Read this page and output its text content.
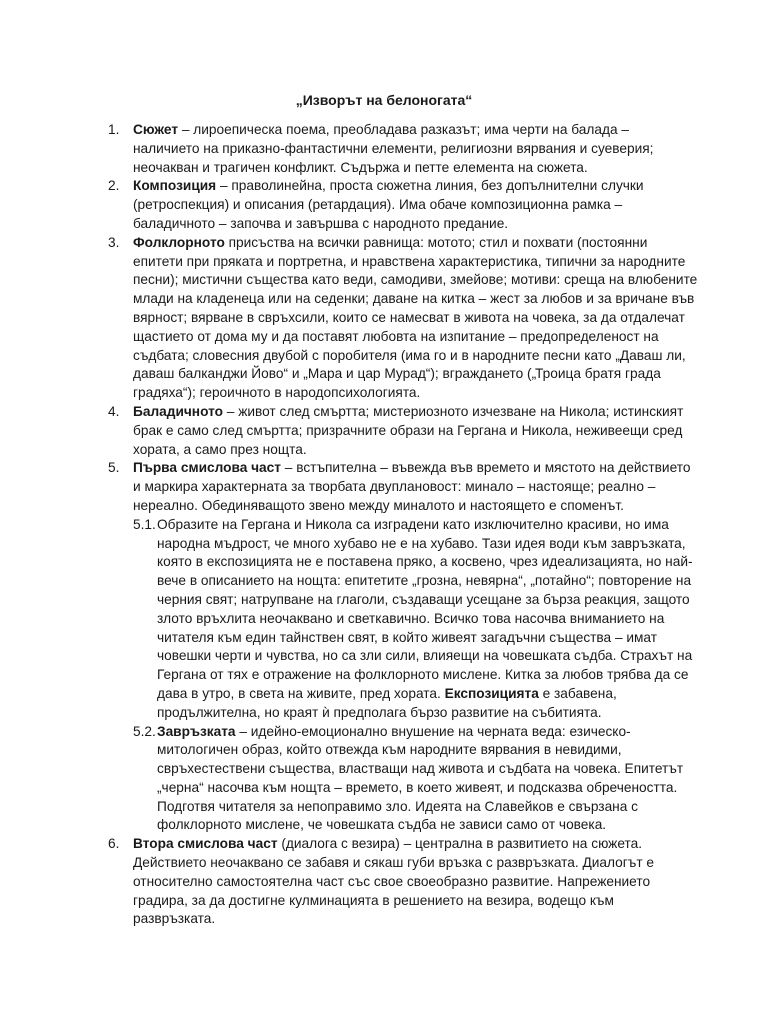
„Изворът на белоногата“
1. Сюжет – лироепическа поема, преобладава разказът; има черти на балада – наличието на приказно-фантастични елементи, религиозни вярвания и суеверия; неочакван и трагичен конфликт. Съдържа и петте елемента на сюжета.
2. Композиция – праволинейна, проста сюжетна линия, без допълнителни случки (ретроспекция) и описания (ретардация). Има обаче композиционна рамка – баладичното – започва и завършва с народното предание.
3. Фолклорното присъства на всички равнища: мотото; стил и похвати (постоянни епитети при пряката и портретна, и нравствена характеристика, типични за народните песни); мистични същества като веди, самодиви, змейове; мотиви: среща на влюбените млади на кладенеца или на седенки; даване на китка – жест за любов и за вричане във вярност; вярване в свръхсили, които се намесват в живота на човека, за да отдалечат щастието от дома му и да поставят любовта на изпитание – предопределеност на съдбата; словесния двубой с поробителя (има го и в народните песни като „Даваш ли, даваш балканджи Йово“ и „Мара и цар Мурад“); вграждането („Троица братя града градяха“); героичното в народопсихологията.
4. Баладичното – живот след смъртта; мистериозното изчезване на Никола; истинският брак е само след смъртта; призрачните образи на Гергана и Никола, неживеещи сред хората, а само през нощта.
5. Първа смислова част – встъпителна – въвежда във времето и мястото на действието и маркира характерната за творбата двуплановост: минало – настояще; реално – нереално. Обединяващото звено между миналото и настоящето е споменът.
5.1. Образите на Гергана и Никола са изградени като изключително красиви, но има народна мъдрост, че много хубаво не е на хубаво. Тази идея води към завръзката, която в експозицията не е поставена пряко, а косвено, чрез идеализацията, но най-вече в описанието на нощта: епитетите „грозна, невярна“, „потайно“; повторение на черния свят; натрупване на глаголи, създаващи усещане за бърза реакция, защото злото връхлита неочаквано и светкавично. Всичко това насочва вниманието на читателя към един тайнствен свят, в който живеят загадъчни същества – имат човешки черти и чувства, но са зли сили, влияещи на човешката съдба. Страхът на Гергана от тях е отражение на фолклорното мислене. Китка за любов трябва да се дава в утро, в света на живите, пред хората. Експозицията е забавена, продължителна, но краят ѝ предполага бързо развитие на събитията.
5.2. Завръзката – идейно-емоционално внушение на черната веда: езическо-митологичен образ, който отвежда към народните вярвания в невидими, свръхестествени същества, властващи над живота и съдбата на човека. Епитетът „черна“ насочва към нощта – времето, в което живеят, и подсказва обречеността. Подготвя читателя за непоправимо зло. Идеята на Славейков е свързана с фолклорното мислене, че човешката съдба не зависи само от човека.
6. Втора смислова част (диалога с везира) – централна в развитието на сюжета. Действието неочаквано се забавя и сякаш губи връзка с развръзката. Диалогът е относително самостоятелна част със свое своеобразно развитие. Напрежението градира, за да достигне кулминацията в решението на везира, водещо към развръзката.
